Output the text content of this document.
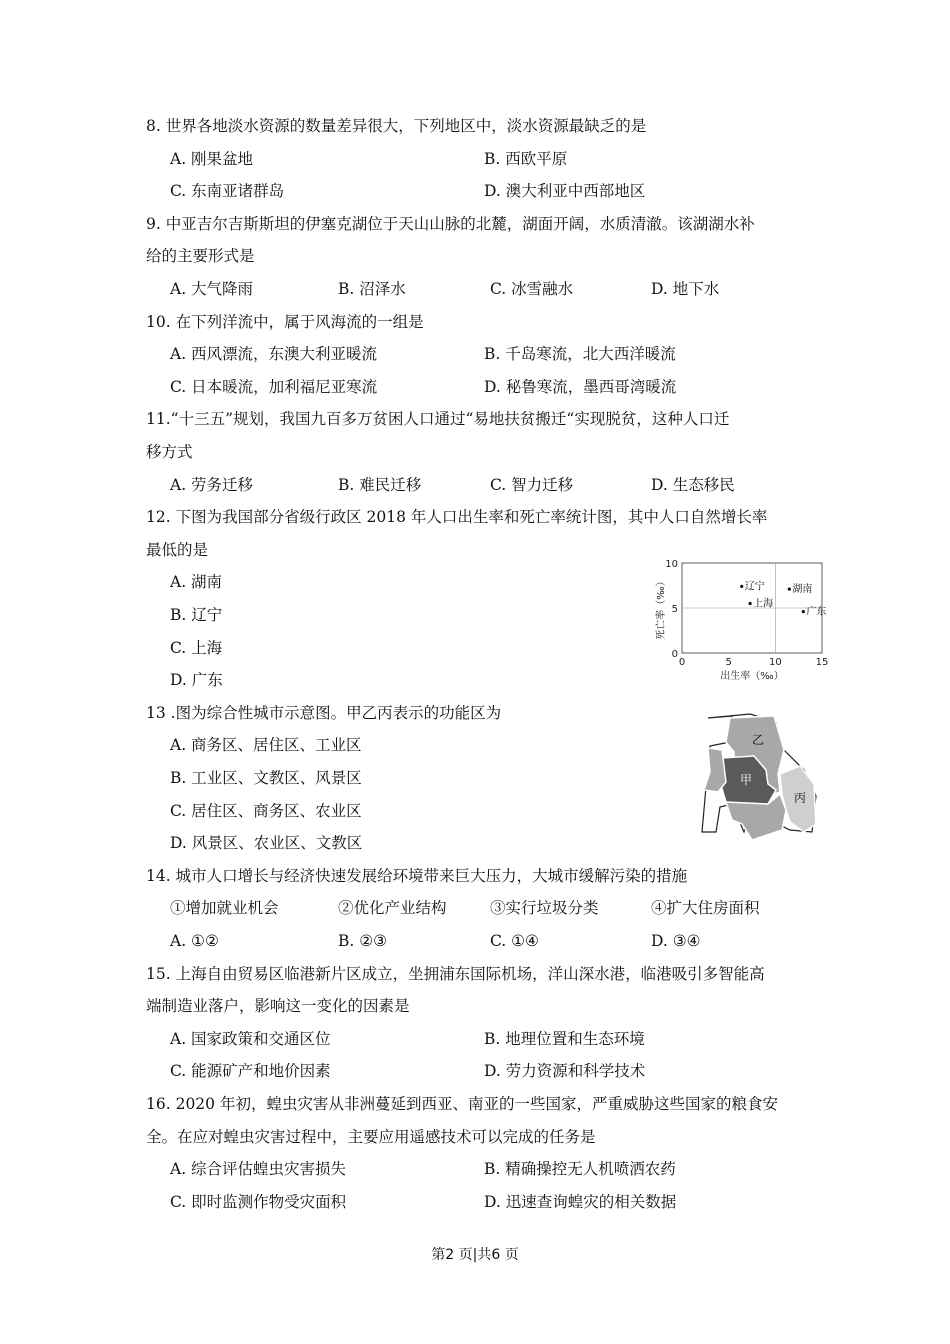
8. 世界各地淡水资源的数量差异很大，下列地区中，淡水资源最缺乏的是
A. 刚果盆地	B. 西欧平原
C. 东南亚诸群岛	D. 澳大利亚中西部地区
9. 中亚吉尔吉斯斯坦的伊塞克湖位于天山山脉的北麓，湖面开阔，水质清澈。该湖湖水补
给的主要形式是
A. 大气降雨	B. 沼泽水	C. 冰雪融水	D. 地下水
10. 在下列洋流中，属于风海流的一组是
A. 西风漂流，东澳大利亚暖流	B. 千岛寒流，北大西洋暖流
C. 日本暖流，加利福尼亚寒流	D. 秘鲁寒流，墨西哥湾暖流
11.“十三五”规划，我国九百多万贫困人口通过“易地扶贫搬迁“实现脱贫，这种人口迁
移方式
A. 劳务迁移	B. 难民迁移	C. 智力迁移	D. 生态移民
12. 下图为我国部分省级行政区 2018 年人口出生率和死亡率统计图，其中人口自然增长率
最低的是
A. 湖南
B. 辽宁
C. 上海
D. 广东
13 .图为综合性城市示意图。甲乙丙表示的功能区为
A. 商务区、居住区、工业区
B. 工业区、文教区、风景区
C. 居住区、商务区、农业区
D. 风景区、农业区、文教区
14. 城市人口增长与经济快速发展给环境带来巨大压力，大城市缓解污染的措施
①增加就业机会	②优化产业结构	③实行垃圾分类	④扩大住房面积
A. ①②	B. ②③	C. ①④	D. ③④
15. 上海自由贸易区临港新片区成立，坐拥浦东国际机场，洋山深水港，临港吸引多智能高
端制造业落户，影响这一变化的因素是
A. 国家政策和交通区位	B. 地理位置和生态环境
C. 能源矿产和地价因素	D. 劳力资源和科学技术
16. 2020 年初，蝗虫灾害从非洲蔓延到西亚、南亚的一些国家，严重威胁这些国家的粮食安
全。在应对蝗虫灾害过程中，主要应用遥感技术可以完成的任务是
A. 综合评估蝗虫灾害损失	B. 精确操控无人机喷洒农药
C. 即时监测作物受灾面积	D. 迅速查询蝗灾的相关数据
0	5	10	15
0
5
10
出生率（‰）
死亡率（‰）	辽宁
上海
湖南
广东
乙
甲
丙
第2 页|共6 页
